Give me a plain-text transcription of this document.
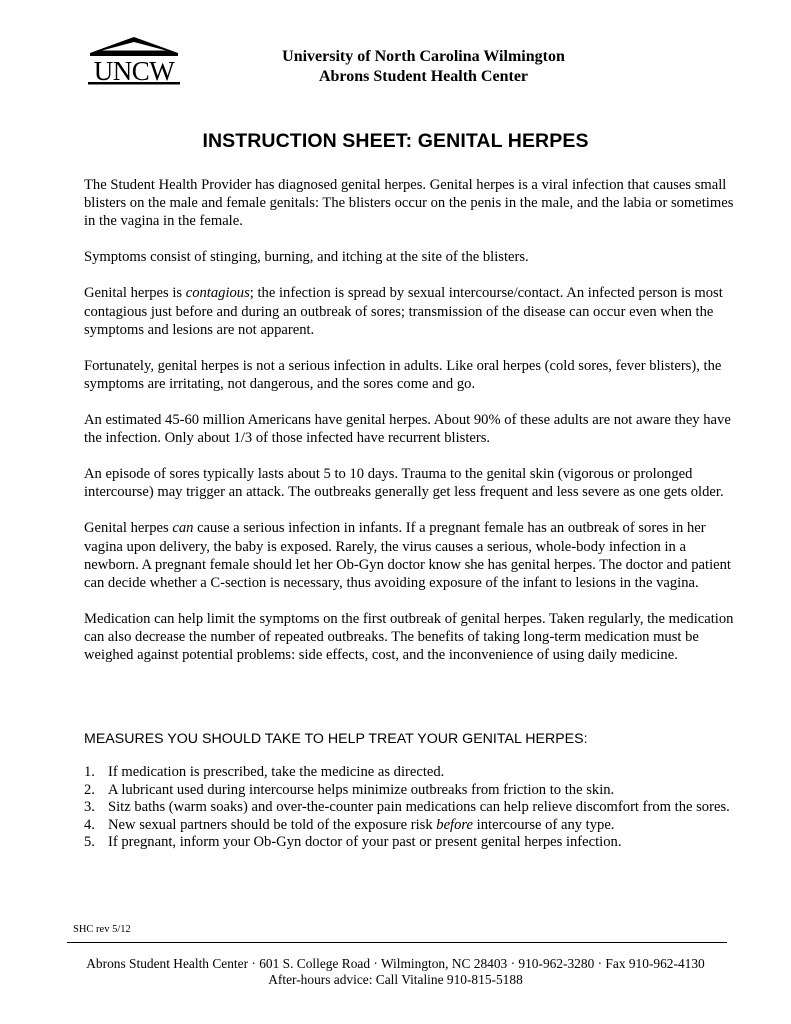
UNCW	University of North Carolina Wilmington
Abrons Student Health Center
INSTRUCTION SHEET: GENITAL HERPES

The Student Health Provider has diagnosed genital herpes. Genital herpes is a viral infection that causes small blisters on the male and female genitals: The blisters occur on the penis in the male, and the labia or sometimes in the vagina in the female.

Symptoms consist of stinging, burning, and itching at the site of the blisters.

Genital herpes is contagious; the infection is spread by sexual intercourse/contact. An infected person is most contagious just before and during an outbreak of sores; transmission of the disease can occur even when the symptoms and lesions are not apparent.

Fortunately, genital herpes is not a serious infection in adults. Like oral herpes (cold sores, fever blisters), the symptoms are irritating, not dangerous, and the sores come and go.

An estimated 45-60 million Americans have genital herpes. About 90% of these adults are not aware they have the infection. Only about 1/3 of those infected have recurrent blisters.

An episode of sores typically lasts about 5 to 10 days. Trauma to the genital skin (vigorous or prolonged intercourse) may trigger an attack. The outbreaks generally get less frequent and less severe as one gets older.

Genital herpes can cause a serious infection in infants. If a pregnant female has an outbreak of sores in her vagina upon delivery, the baby is exposed. Rarely, the virus causes a serious, whole-body infection in a newborn. A pregnant female should let her Ob-Gyn doctor know she has genital herpes. The doctor and patient can decide whether a C-section is necessary, thus avoiding exposure of the infant to lesions in the vagina.

Medication can help limit the symptoms on the first outbreak of genital herpes. Taken regularly, the medication can also decrease the number of repeated outbreaks. The benefits of taking long-term medication must be weighed against potential problems: side effects, cost, and the inconvenience of using daily medicine.

MEASURES YOU SHOULD TAKE TO HELP TREAT YOUR GENITAL HERPES:
1. If medication is prescribed, take the medicine as directed.
2. A lubricant used during intercourse helps minimize outbreaks from friction to the skin.
3. Sitz baths (warm soaks) and over-the-counter pain medications can help relieve discomfort from the sores.
4. New sexual partners should be told of the exposure risk before intercourse of any type.
5. If pregnant, inform your Ob-Gyn doctor of your past or present genital herpes infection.
SHC rev 5/12
Abrons Student Health Center · 601 S. College Road · Wilmington, NC 28403 · 910-962-3280 · Fax 910-962-4130
After-hours advice: Call Vitaline 910-815-5188
